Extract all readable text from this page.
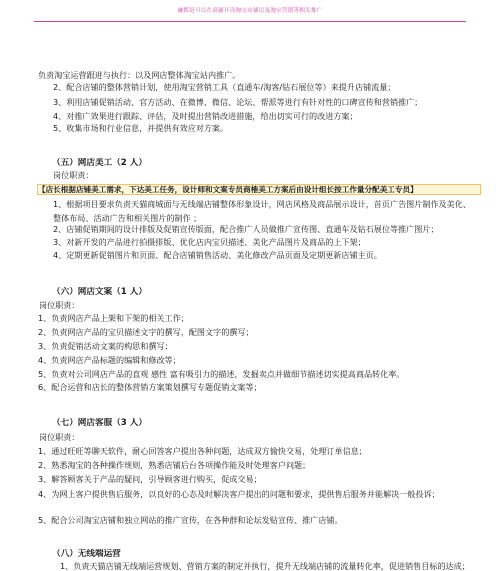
融都是可以在商铺开设淘宝店铺以及淘宝营销等相关推广
负责淘宝运营跟进与执行：以及网店整体淘宝站内推广。
2、配合店铺的整体营销计划，使用淘宝营销工具（直通车/淘客/钻石展位等）来提升店铺流量；
3、利用店铺促销活动、官方活动、在微博、微信、论坛、帮派等进行有针对性的口碑宣传和营销推广；
4、对推广效果进行跟踪、评估，及时提出营销改进措施，给出切实可行的改进方案；
5、收集市场和行业信息，并提供有效应对方案。
（五）网店美工（2 人）
岗位职责：
【店长根据店铺美工需求，下达美工任务，设计师和文案专员商榷美工方案后由设计组长按工作量分配美工专员】
1、根据项目要求负责天猫商城面与无线端店铺整体形象设计，网店风格及商品展示设计，首页广告图片制作及美化、整体布局、活动广告和相关图片的制作 ；
2、店铺促销期间的设计排版及促销宣传版面，配合推广人员做推广宣传图、直通车及钻石展位等推广图片；
3、对新开发的产品进行拍摄排版、优化店内宝贝描述、美化产品图片及商品的上下架；
4、定期更新促销图片和页面、配合店铺销售活动、美化修改产品页面及定期更新店铺主页。
（六）网店文案（1 人）
岗位职责：
1、负责网店产品上架和下架的相关工作；
2、负责网店产品的宝贝描述文字的撰写，配图文字的撰写；
3、负责促销活动文案的构思和撰写；
4、负责网店产品标题的编辑和修改等；
5、负责对公司网店产品的直观 感性 富有吸引力的描述，发掘卖点并做细节描述切实提高商品转化率。
6、配合运营和店长的整体营销方案策划撰写专题促销文案等；
（七）网店客服（3 人）
岗位职责：
1、通过旺旺等聊天软件，耐心回答客户提出各种问题，达成双方愉快交易，处理订单信息；
2、熟悉淘宝的各种操作规则，熟悉店铺后台各项操作能及时处理客户问题；
3、解答顾客关于产品的疑问，引导顾客进行购买，促成交易；
4、为网上客户提供售后服务，以良好的心态及时解决客户提出的问题和要求，提供售后服务并能解决一般投诉；
5、配合公司淘宝店铺和独立网站的推广宣传，在各种群和论坛发贴宣传、推广店铺。
（八）无线端运营
1、负责天猫店铺无线端运营规划、营销方案的制定并执行，提升无线端店铺的流量转化率，促进销售目标的达成；
